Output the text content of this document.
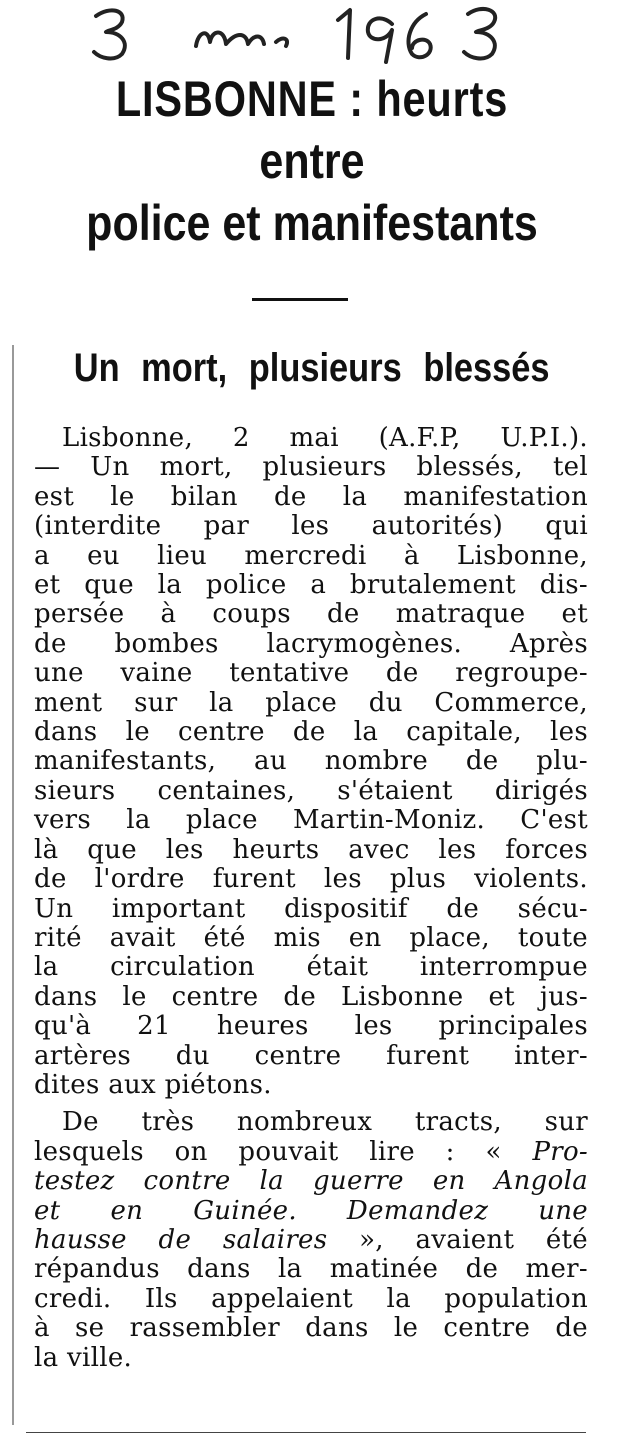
LISBONNE : heurts
entre
police et manifestants
Un mort, plusieurs blessés

Lisbonne, 2 mai (A.F.P, U.P.I.).
— Un mort, plusieurs blessés, tel
est le bilan de la manifestation
(interdite par les autorités) qui
a eu lieu mercredi à Lisbonne,
et que la police a brutalement dis-
persée à coups de matraque et
de bombes lacrymogènes. Après
une vaine tentative de regroupe-
ment sur la place du Commerce,
dans le centre de la capitale, les
manifestants, au nombre de plu-
sieurs centaines, s'étaient dirigés
vers la place Martin-Moniz. C'est
là que les heurts avec les forces
de l'ordre furent les plus violents.
Un important dispositif de sécu-
rité avait été mis en place, toute
la circulation était interrompue
dans le centre de Lisbonne et jus-
qu'à 21 heures les principales
artères du centre furent inter-
dites aux piétons.

De très nombreux tracts, sur
lesquels on pouvait lire : « Pro-
testez contre la guerre en Angola
et en Guinée. Demandez une
hausse de salaires », avaient été
répandus dans la matinée de mer-
credi. Ils appelaient la population
à se rassembler dans le centre de
la ville.
